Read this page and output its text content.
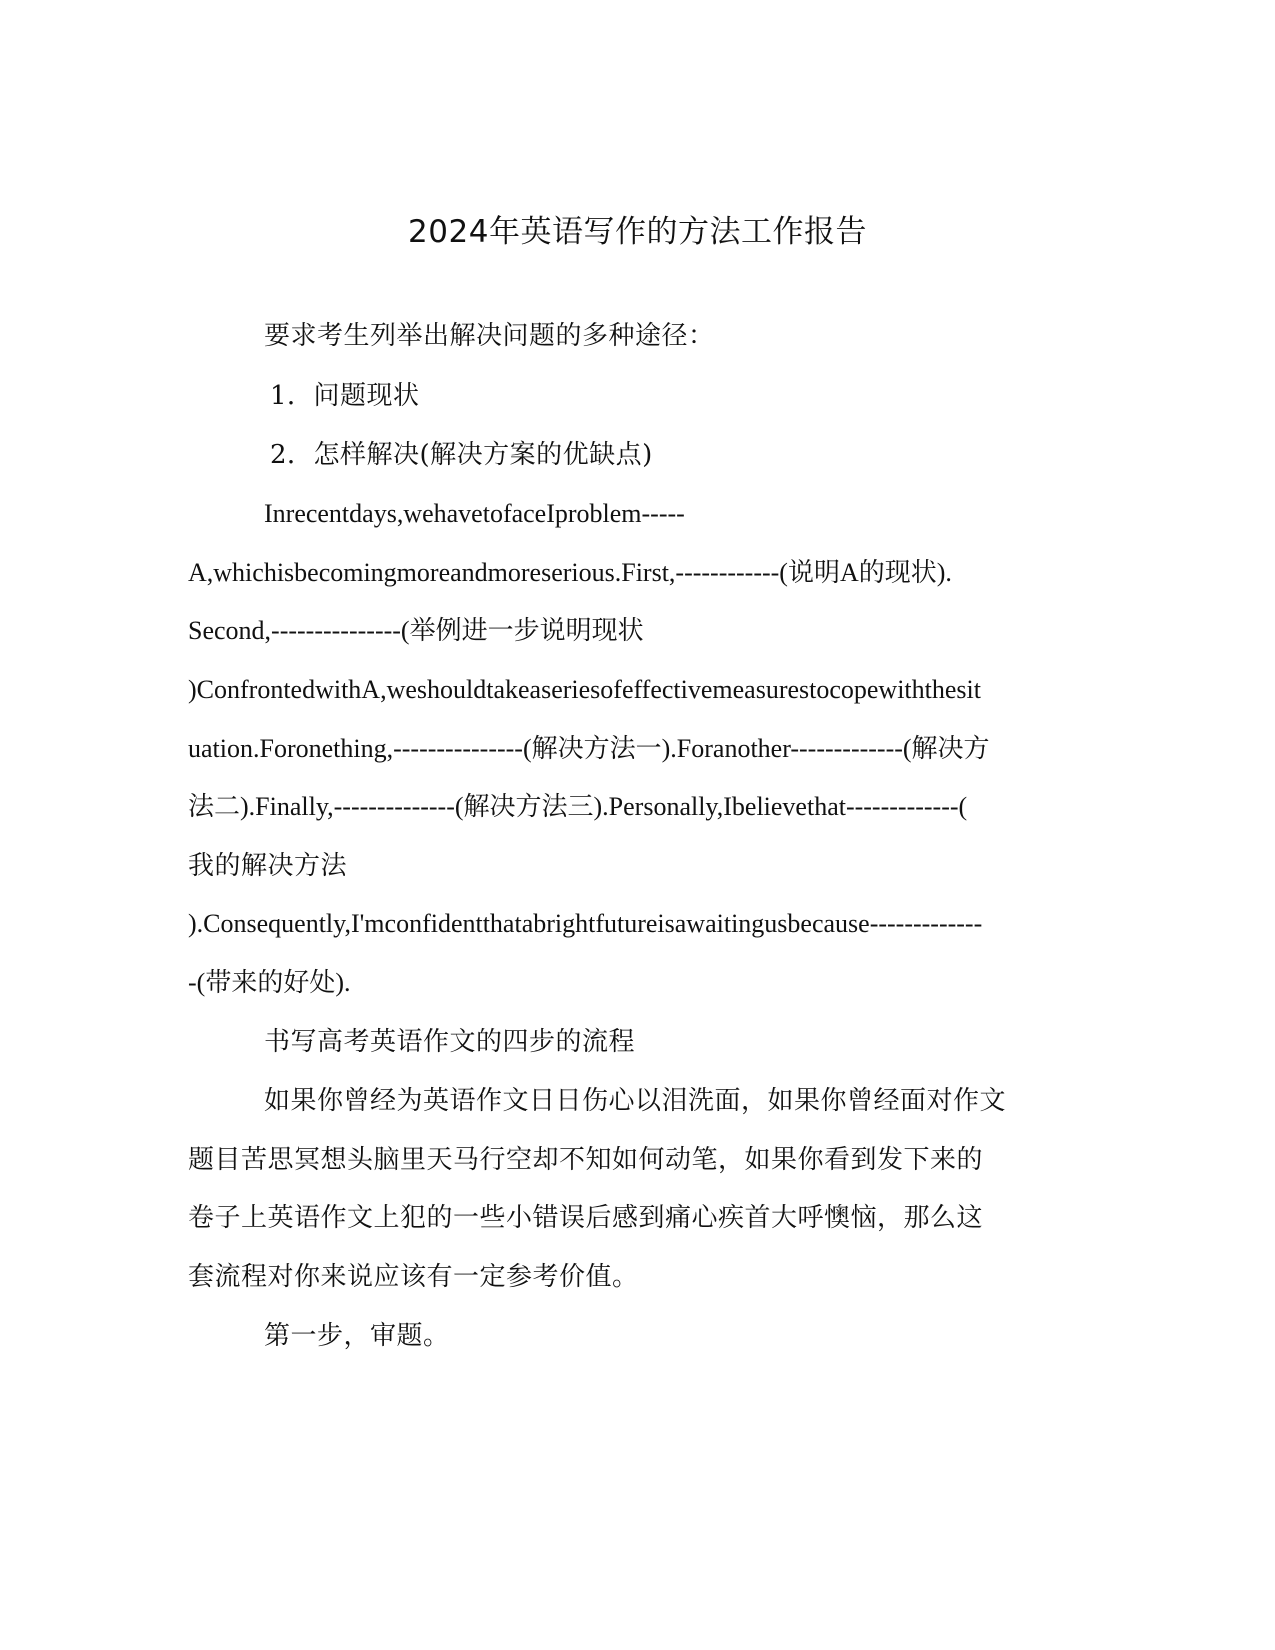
2024年英语写作的方法工作报告
要求考生列举出解决问题的多种途径：
1．问题现状
2．怎样解决(解决方案的优缺点)
Inrecentdays,wehavetofaceIproblem-----
A,whichisbecomingmoreandmoreserious.First,------------(说明A的现状).
Second,---------------(举例进一步说明现状
)ConfrontedwithA,weshouldtakeaseriesofeffectivemeasurestocopewiththesit
uation.Foronething,---------------(解决方法一).Foranother-------------(解决方
法二).Finally,--------------(解决方法三).Personally,Ibelievethat-------------(
我的解决方法
).Consequently,I'mconfidentthatabrightfutureisawaitingusbecause-------------
-(带来的好处).
书写高考英语作文的四步的流程
如果你曾经为英语作文日日伤心以泪洗面，如果你曾经面对作文
题目苦思冥想头脑里天马行空却不知如何动笔，如果你看到发下来的
卷子上英语作文上犯的一些小错误后感到痛心疾首大呼懊恼，那么这
套流程对你来说应该有一定参考价值。
第一步，审题。
